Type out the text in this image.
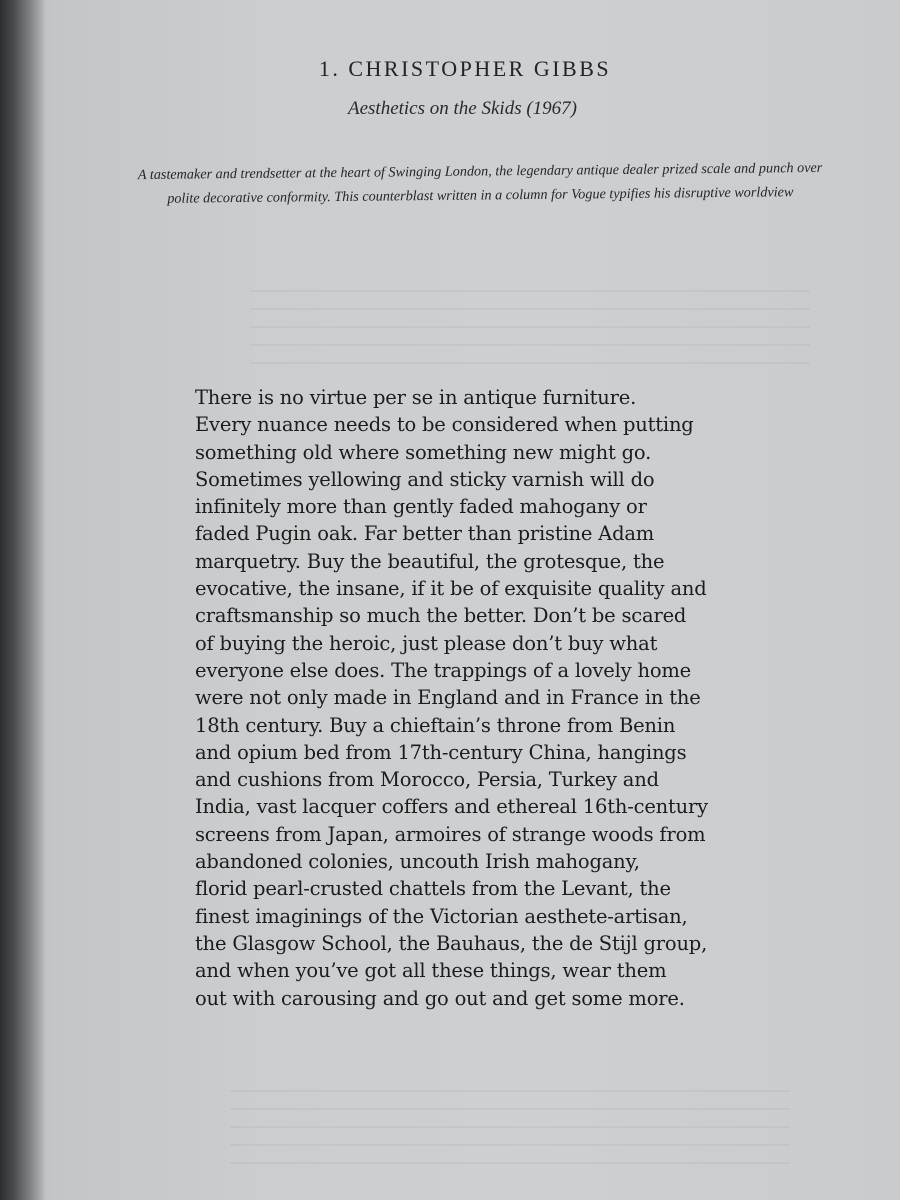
1. CHRISTOPHER GIBBS
Aesthetics on the Skids (1967)
A tastemaker and trendsetter at the heart of Swinging London, the legendary antique dealer prized scale and punch over
polite decorative conformity. This counterblast written in a column for Vogue typifies his disruptive worldview
There is no virtue per se in antique furniture.
Every nuance needs to be considered when putting
something old where something new might go.
Sometimes yellowing and sticky varnish will do
infinitely more than gently faded mahogany or
faded Pugin oak. Far better than pristine Adam
marquetry. Buy the beautiful, the grotesque, the
evocative, the insane, if it be of exquisite quality and
craftsmanship so much the better. Don’t be scared
of buying the heroic, just please don’t buy what
everyone else does. The trappings of a lovely home
were not only made in England and in France in the
18th century. Buy a chieftain’s throne from Benin
and opium bed from 17th-century China, hangings
and cushions from Morocco, Persia, Turkey and
India, vast lacquer coffers and ethereal 16th-century
screens from Japan, armoires of strange woods from
abandoned colonies, uncouth Irish mahogany,
florid pearl-crusted chattels from the Levant, the
finest imaginings of the Victorian aesthete-artisan,
the Glasgow School, the Bauhaus, the de Stijl group,
and when you’ve got all these things, wear them
out with carousing and go out and get some more.
